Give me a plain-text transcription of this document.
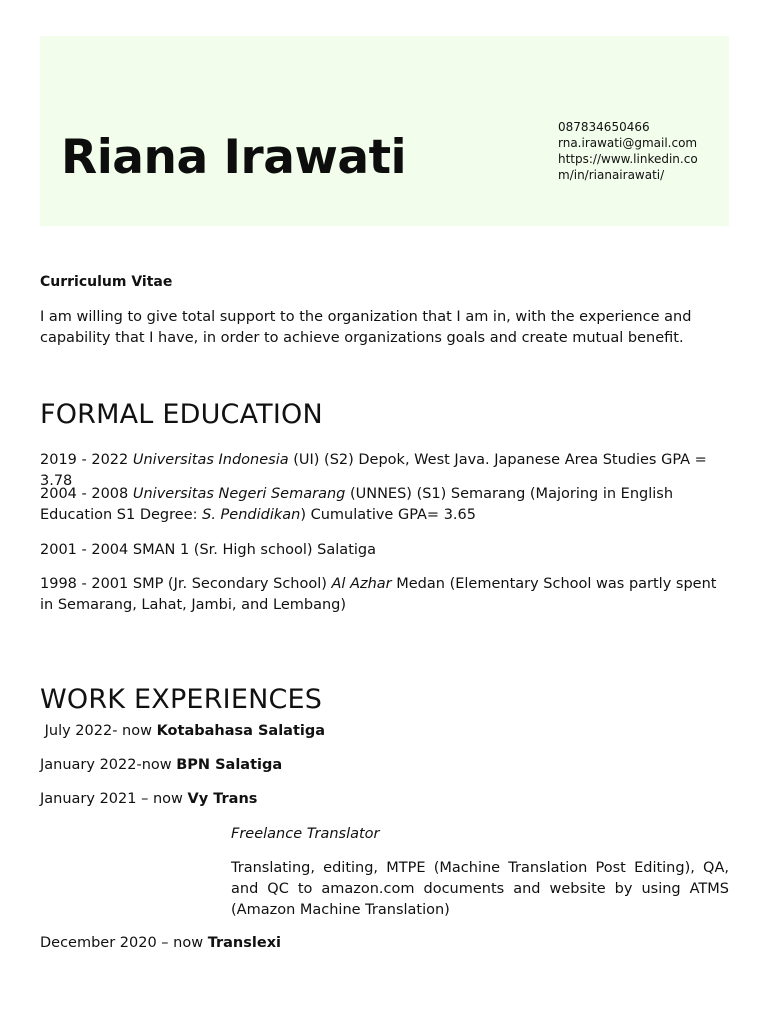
Riana Irawati
087834650466
rna.irawati@gmail.com
https://www.linkedin.com/in/rianairawati/

Curriculum Vitae

I am willing to give total support to the organization that I am in, with the experience and capability that I have, in order to achieve organizations goals and create mutual benefit.

FORMAL EDUCATION

2019 - 2022 Universitas Indonesia (UI) (S2) Depok, West Java. Japanese Area Studies GPA = 3.78

2004 - 2008 Universitas Negeri Semarang (UNNES) (S1) Semarang (Majoring in English Education S1 Degree: S. Pendidikan) Cumulative GPA= 3.65

2001 - 2004 SMAN 1 (Sr. High school) Salatiga

1998 - 2001 SMP (Jr. Secondary School) Al Azhar Medan (Elementary School was partly spent in Semarang, Lahat, Jambi, and Lembang)

WORK EXPERIENCES

July 2022- now Kotabahasa Salatiga

January 2022-now BPN Salatiga

January 2021 – now Vy Trans

Freelance Translator

Translating, editing, MTPE (Machine Translation Post Editing), QA, and QC to amazon.com documents and website by using ATMS (Amazon Machine Translation)

December 2020 – now Translexi
